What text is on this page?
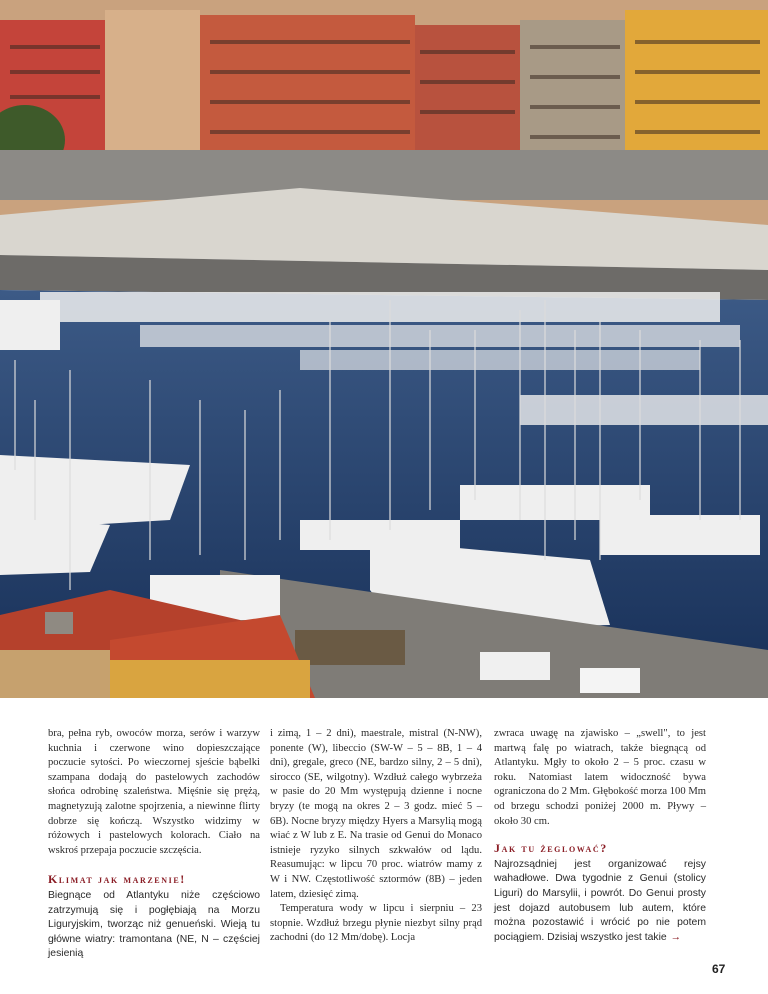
bra, pełna ryb, owoców morza, serów i warzyw kuchnia i czerwone wino dopieszczające poczucie sytości. Po wieczornej sjeście bąbelki szampana dodają do pastelowych zachodów słońca odrobinę szaleństwa. Mięśnie się prężą, magnetyzują zalotne spojrzenia, a niewinne flirty dobrze się kończą. Wszystko widzimy w różowych i pastelowych kolorach. Ciało na wskroś przepaja poczucie szczęścia.

Klimat jak marzenie!

Biegnące od Atlantyku niże częściowo zatrzymują się i pogłębiają na Morzu Liguryjskim, tworząc niż genueński. Wieją tu główne wiatry: tramontana (NE, N – częściej jesienią

i zimą, 1 – 2 dni), maestrale, mistral (N-NW), ponente (W), libeccio (SW-W – 5 – 8B, 1 – 4 dni), gregale, greco (NE, bardzo silny, 2 – 5 dni), sirocco (SE, wilgotny). Wzdłuż całego wybrzeża w pasie do 20 Mm występują dzienne i nocne bryzy (te mogą na okres 2 – 3 godz. mieć 5 – 6B). Nocne bryzy między Hyers a Marsylią mogą wiać z W lub z E. Na trasie od Genui do Monaco istnieje ryzyko silnych szkwałów od lądu. Reasumując: w lipcu 70 proc. wiatrów mamy z W i NW. Częstotliwość sztormów (8B) – jeden latem, dziesięć zimą.

Temperatura wody w lipcu i sierpniu – 23 stopnie. Wzdłuż brzegu płynie niezbyt silny prąd zachodni (do 12 Mm/dobę). Locja

zwraca uwagę na zjawisko – „swell", to jest martwą falę po wiatrach, także biegnącą od Atlantyku. Mgły to około 2 – 5 proc. czasu w roku. Natomiast latem widoczność bywa ograniczona do 2 Mm. Głębokość morza 100 Mm od brzegu schodzi poniżej 2000 m. Pływy – około 30 cm.

Jak tu żeglować?

Najrozsądniej jest organizować rejsy wahadłowe. Dwa tygodnie z Genui (stolicy Liguri) do Marsylii, i powrót. Do Genui prosty jest dojazd autobusem lub autem, które można pozostawić i wrócić po nie potem pociągiem. Dzisiaj wszystko jest takie →

67
